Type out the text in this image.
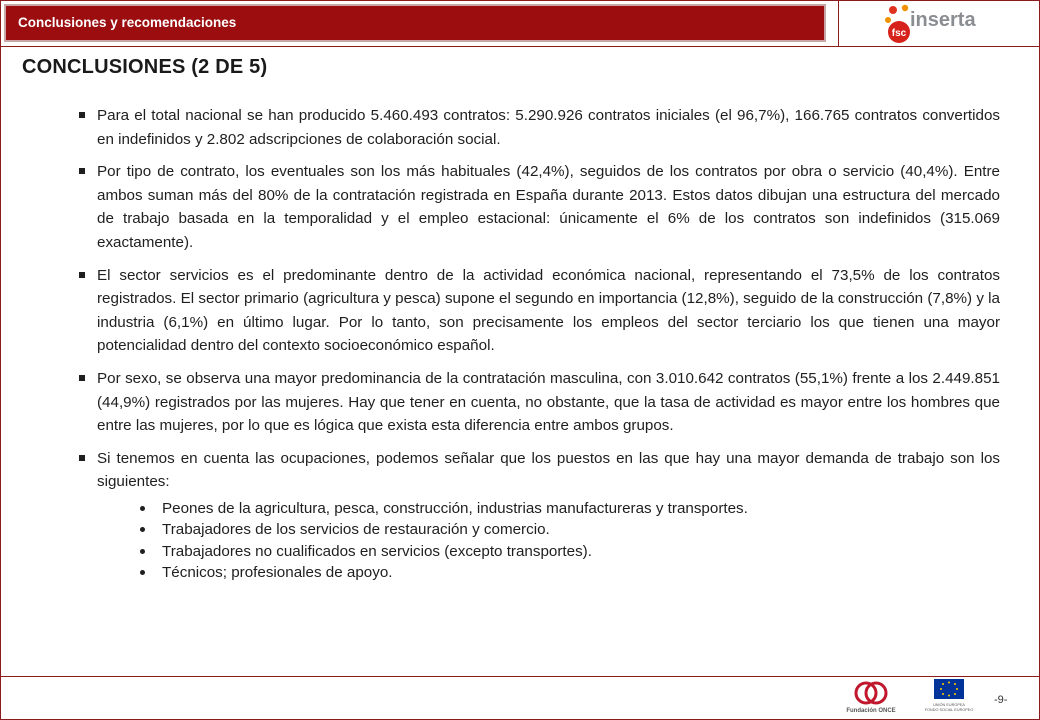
Conclusiones y recomendaciones
fsc
inserta
CONCLUSIONES (2 DE 5)

Para el total nacional se han producido 5.460.493 contratos: 5.290.926 contratos iniciales (el 96,7%), 166.765 contratos convertidos en indefinidos y 2.802 adscripciones de colaboración social.

Por tipo de contrato, los eventuales son los más habituales (42,4%), seguidos de los contratos por obra o servicio (40,4%). Entre ambos suman más del 80% de la contratación registrada en España durante 2013. Estos datos dibujan una estructura del mercado de trabajo basada en la temporalidad y el empleo estacional: únicamente el 6% de los contratos son indefinidos (315.069 exactamente).

El sector servicios es el predominante dentro de la actividad económica nacional, representando el 73,5% de los contratos registrados. El sector primario (agricultura y pesca) supone el segundo en importancia (12,8%), seguido de la construcción (7,8%) y la industria (6,1%) en último lugar. Por lo tanto, son precisamente los empleos del sector terciario los que tienen una mayor potencialidad dentro del contexto socioeconómico español.

Por sexo, se observa una mayor predominancia de la contratación masculina, con 3.010.642 contratos (55,1%) frente a los 2.449.851 (44,9%) registrados por las mujeres. Hay que tener en cuenta, no obstante, que la tasa de actividad es mayor entre los hombres que entre las mujeres, por lo que es lógica que exista esta diferencia entre ambos grupos.

Si tenemos en cuenta las ocupaciones, podemos señalar que los puestos en las que hay una mayor demanda de trabajo son los siguientes:

Peones de la agricultura, pesca, construcción, industrias manufactureras y transportes.
Trabajadores de los servicios de restauración y comercio.
Trabajadores no cualificados en servicios (excepto transportes).
Técnicos; profesionales de apoyo.
Fundación ONCE
UNIÓN EUROPEA
FONDO SOCIAL EUROPEO
-9-
